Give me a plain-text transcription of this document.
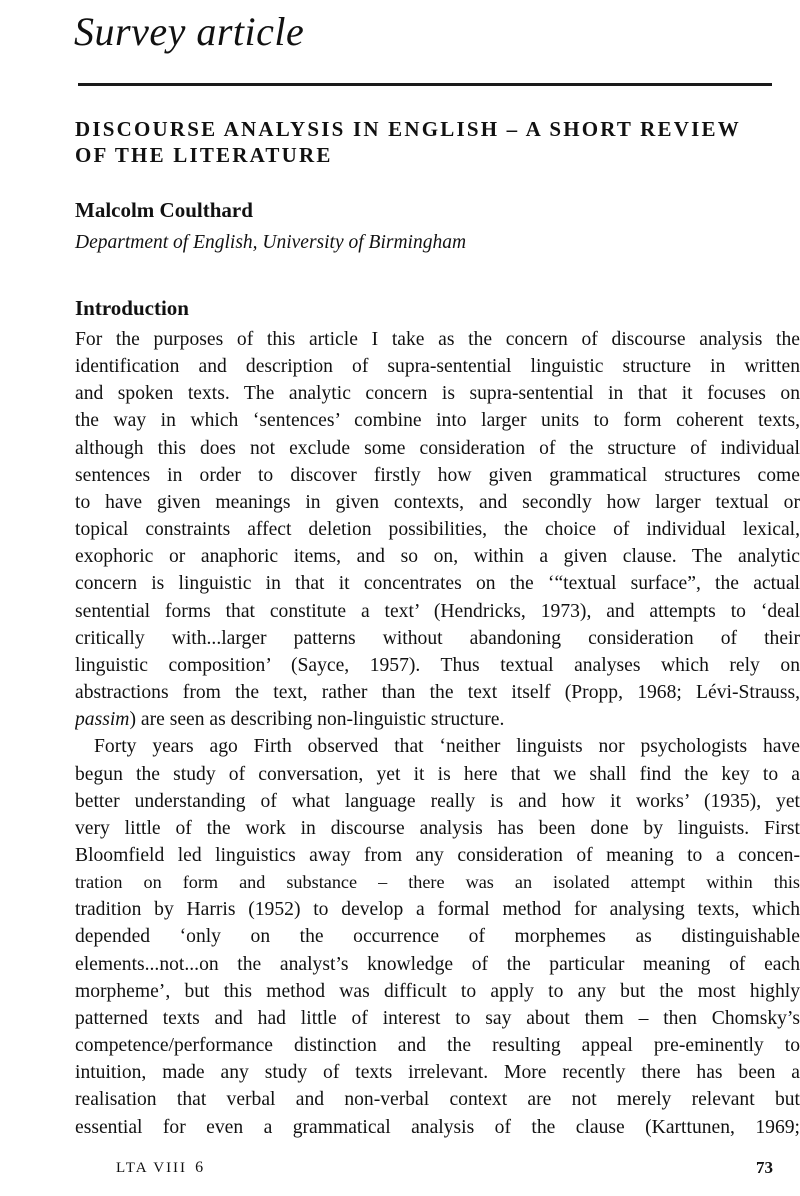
Survey article
DISCOURSE ANALYSIS IN ENGLISH – A SHORT REVIEW
OF THE LITERATURE

Malcolm Coulthard

Department of English, University of Birmingham

Introduction

For the purposes of this article I take as the concern of discourse analysis the
identification and description of supra-sentential linguistic structure in written
and spoken texts. The analytic concern is supra-sentential in that it focuses on
the way in which ‘sentences’ combine into larger units to form coherent texts,
although this does not exclude some consideration of the structure of individual
sentences in order to discover firstly how given grammatical structures come
to have given meanings in given contexts, and secondly how larger textual or
topical constraints affect deletion possibilities, the choice of individual lexical,
exophoric or anaphoric items, and so on, within a given clause. The analytic
concern is linguistic in that it concentrates on the ‘“textual surface”, the actual
sentential forms that constitute a text’ (Hendricks, 1973), and attempts to ‘deal
critically with...larger patterns without abandoning consideration of their
linguistic composition’ (Sayce, 1957). Thus textual analyses which rely on
abstractions from the text, rather than the text itself (Propp, 1968; Lévi-Strauss,
passim) are seen as describing non-linguistic structure.

Forty years ago Firth observed that ‘neither linguists nor psychologists have
begun the study of conversation, yet it is here that we shall find the key to a
better understanding of what language really is and how it works’ (1935), yet
very little of the work in discourse analysis has been done by linguists. First
Bloomfield led linguistics away from any consideration of meaning to a concen-
tration on form and substance – there was an isolated attempt within this
tradition by Harris (1952) to develop a formal method for analysing texts, which
depended ‘only on the occurrence of morphemes as distinguishable
elements...not...on the analyst’s knowledge of the particular meaning of each
morpheme’, but this method was difficult to apply to any but the most highly
patterned texts and had little of interest to say about them – then Chomsky’s
competence/performance distinction and the resulting appeal pre-eminently to
intuition, made any study of texts irrelevant. More recently there has been a
realisation that verbal and non-verbal context are not merely relevant but
essential for even a grammatical analysis of the clause (Karttunen, 1969;

LTA VIII 6	73
